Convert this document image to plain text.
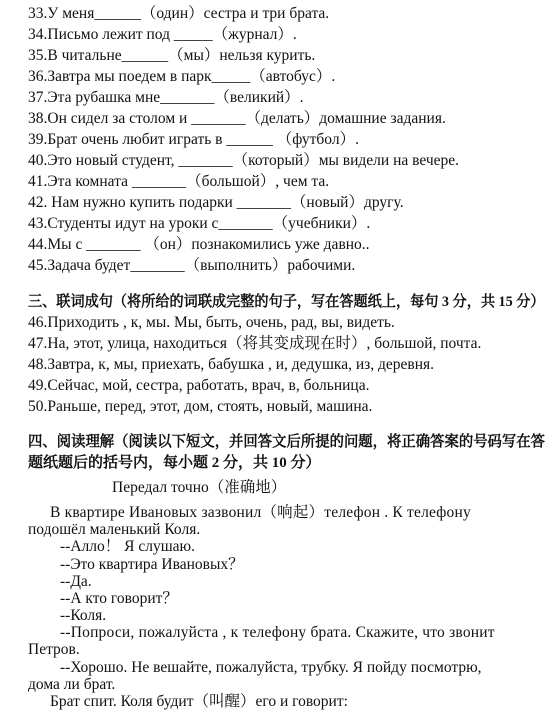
33.У меня______（один）сестра и три брата.
34.Письмо лежит под _____（журнал）.
35.В читальне______（мы）нельзя курить.
36.Завтра мы поедем в парк_____（автобус）.
37.Эта рубашка мне_______（великий）.
38.Он сидел за столом и _______（делать）домашние задания.
39.Брат очень любит играть в ______ （футбол）.
40.Это новый студент, _______（который）мы видели на вечере.
41.Эта комната _______（большой）, чем та.
42. Нам нужно купить подарки _______（новый）другу.
43.Студенты идут на уроки с_______（учебники）.
44.Мы с _______ （он）познакомились уже давно..
45.Задача будет_______（выполнить）рабочими.
三、联词成句（将所给的词联成完整的句子，写在答题纸上，每句 3 分，共 15 分）
46.Приходить , к, мы. Мы, быть, очень, рад, вы, видеть.
47.На, этот, улица, находиться（将其变成现在时）, большой, почта.
48.Завтра, к, мы, приехать, бабушка , и, дедушка, из, деревня.
49.Сейчас, мой, сестра, работать, врач, в, больница.
50.Раньше, перед, этот, дом, стоять, новый, машина.
四、阅读理解（阅读以下短文，并回答文后所提的问题，将正确答案的号码写在答
题纸题后的括号内，每小题 2 分，共 10 分）
Передал точно（准确地）
В квартире Ивановых зазвонил（响起）телефон . К телефону
подошёл маленький Коля.
--Алло！ Я слушаю.
--Это квартира Ивановых？
--Да.
--А кто говорит？
--Коля.
--Попроси, пожалуйста , к телефону брата. Скажите, что звонит
Петров.
--Хорошо. Не вешайте, пожалуйста, трубку. Я пойду посмотрю,
дома ли брат.
Брат спит. Коля будит（叫醒）его и говорит:
